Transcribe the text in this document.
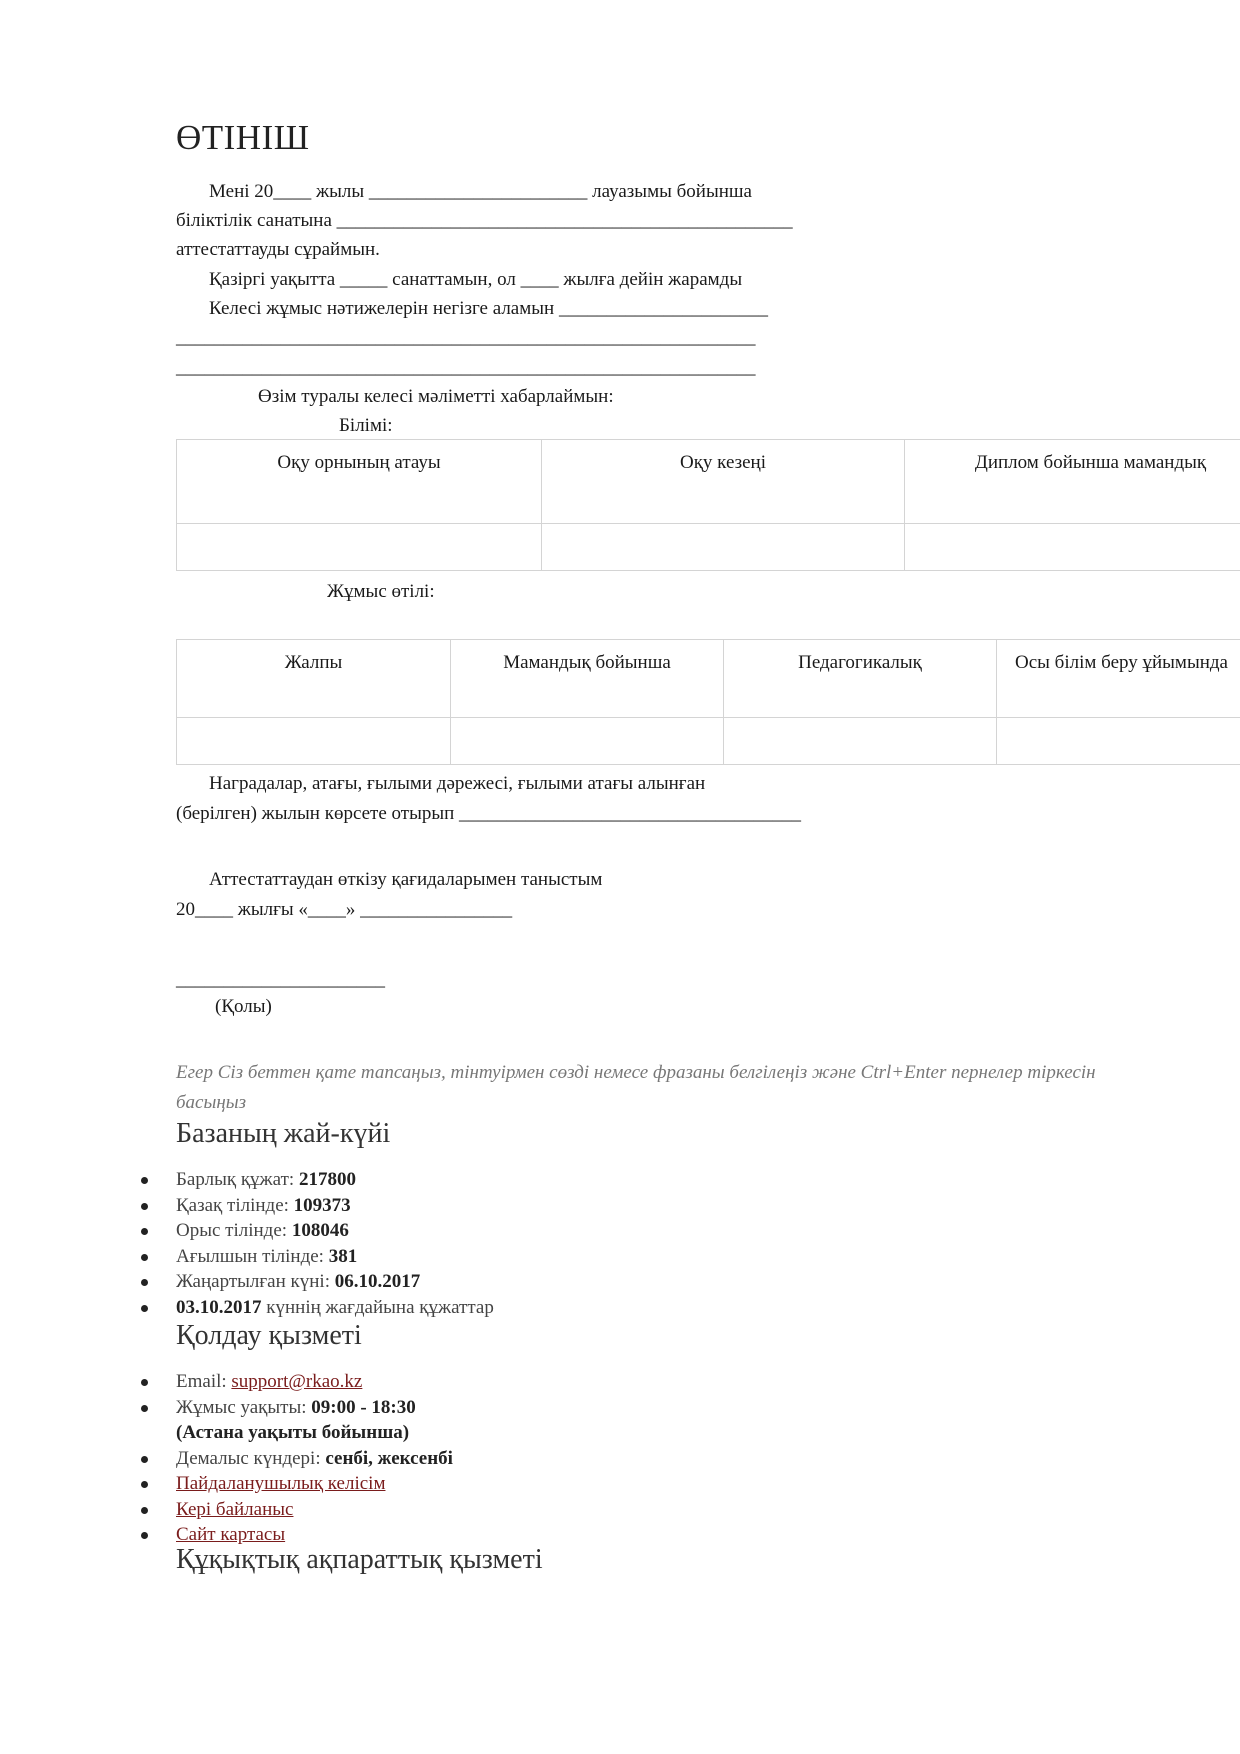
ӨТІНІШ
Мені 20____ жылы _______________________ лауазымы бойынша
біліктілік санатына ________________________________________________
аттестаттауды сұраймын.
Қазіргі уақытта _____ санаттамын, ол ____ жылға дейін жарамды
Келесі жұмыс нәтижелерін негізге аламын ______________________
_____________________________________________________________
_____________________________________________________________
Өзім туралы келесі мәліметті хабарлаймын:
Білімі:
Оқу орнының атауы	Оқу кезеңі	Диплом бойынша мамандық

Жұмыс өтілі:
Жалпы	Мамандық бойынша	Педагогикалық	Осы білім беру ұйымында

Наградалар, атағы, ғылыми дәрежесі, ғылыми атағы алынған
(берілген) жылын көрсете отырып ____________________________________
Аттестаттаудан өткізу қағидаларымен таныстым
20____ жылғы «____» ________________
______________________
(Қолы)
Егер Сіз беттен қате тапсаңыз, тінтуірмен сөзді немесе фразаны белгілеңіз және Ctrl+Enter пернелер тіркесін басыңыз
Базаның жай-күйі
Барлық құжат: 217800
Қазақ тілінде: 109373
Орыс тілінде: 108046
Ағылшын тілінде: 381
Жаңартылған күні: 06.10.2017
03.10.2017 күннің жағдайына құжаттар
Қолдау қызметі
Email: support@rkao.kz
Жұмыс уақыты: 09:00 - 18:30
(Астана уақыты бойынша)
Демалыс күндері: сенбі, жексенбі
Пайдаланушылық келісім
Кері байланыс
Сайт картасы
Құқықтық ақпараттық қызметі
